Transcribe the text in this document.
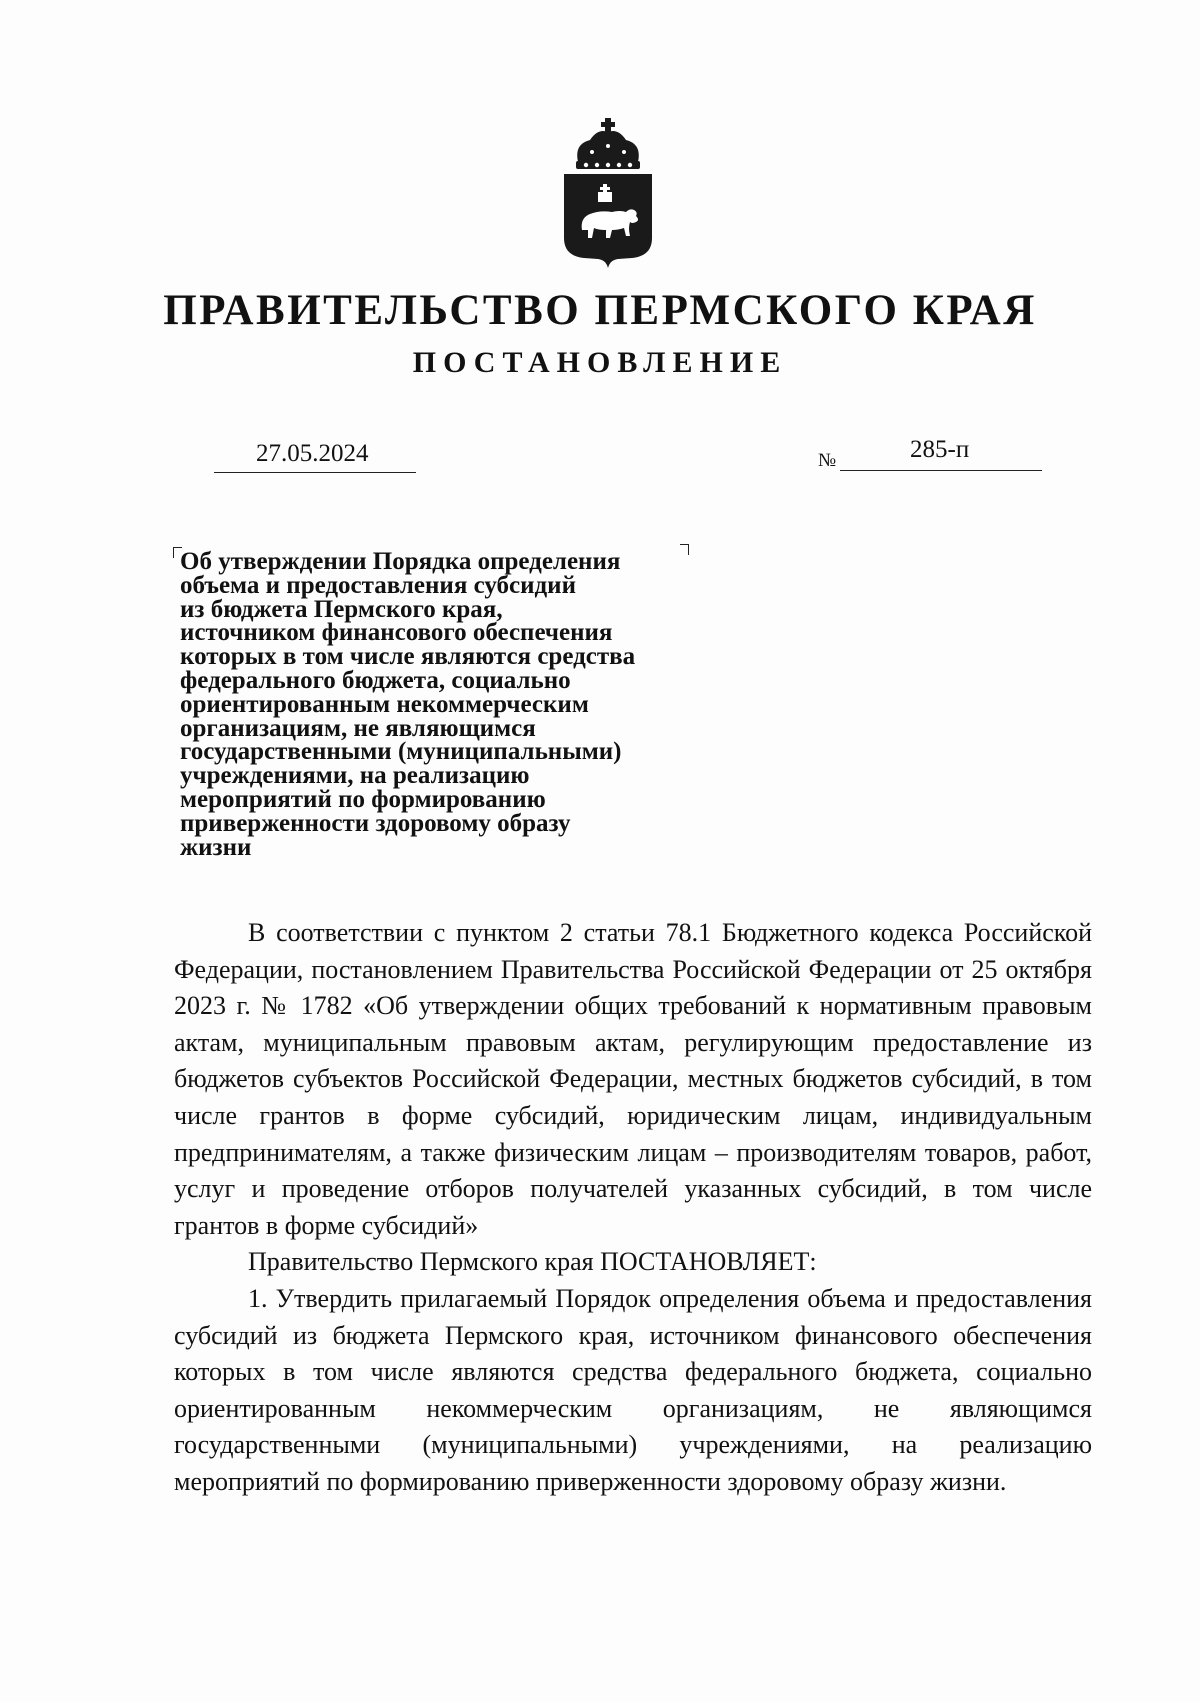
ПРАВИТЕЛЬСТВО ПЕРМСКОГО КРАЯ
ПОСТАНОВЛЕНИЕ
27.05.2024	№	285-п
Об утверждении Порядка определения
объема и предоставления субсидий
из бюджета Пермского края,
источником финансового обеспечения
которых в том числе являются средства
федерального бюджета, социально
ориентированным некоммерческим
организациям, не являющимся
государственными (муниципальными)
учреждениями, на реализацию
мероприятий по формированию
приверженности здоровому образу
жизни

В соответствии с пунктом 2 статьи 78.1 Бюджетного кодекса Российской Федерации, постановлением Правительства Российской Федерации от 25 октября 2023 г. № 1782 «Об утверждении общих требований к нормативным правовым актам, муниципальным правовым актам, регулирующим предоставление из бюджетов субъектов Российской Федерации, местных бюджетов субсидий, в том числе грантов в форме субсидий, юридическим лицам, индивидуальным предпринимателям, а также физическим лицам – производителям товаров, работ, услуг и проведение отборов получателей указанных субсидий, в том числе грантов в форме субсидий»

Правительство Пермского края ПОСТАНОВЛЯЕТ:

1. Утвердить прилагаемый Порядок определения объема и предоставления субсидий из бюджета Пермского края, источником финансового обеспечения которых в том числе являются средства федерального бюджета, социально ориентированным некоммерческим организациям, не являющимся государственными (муниципальными) учреждениями, на реализацию мероприятий по формированию приверженности здоровому образу жизни.
